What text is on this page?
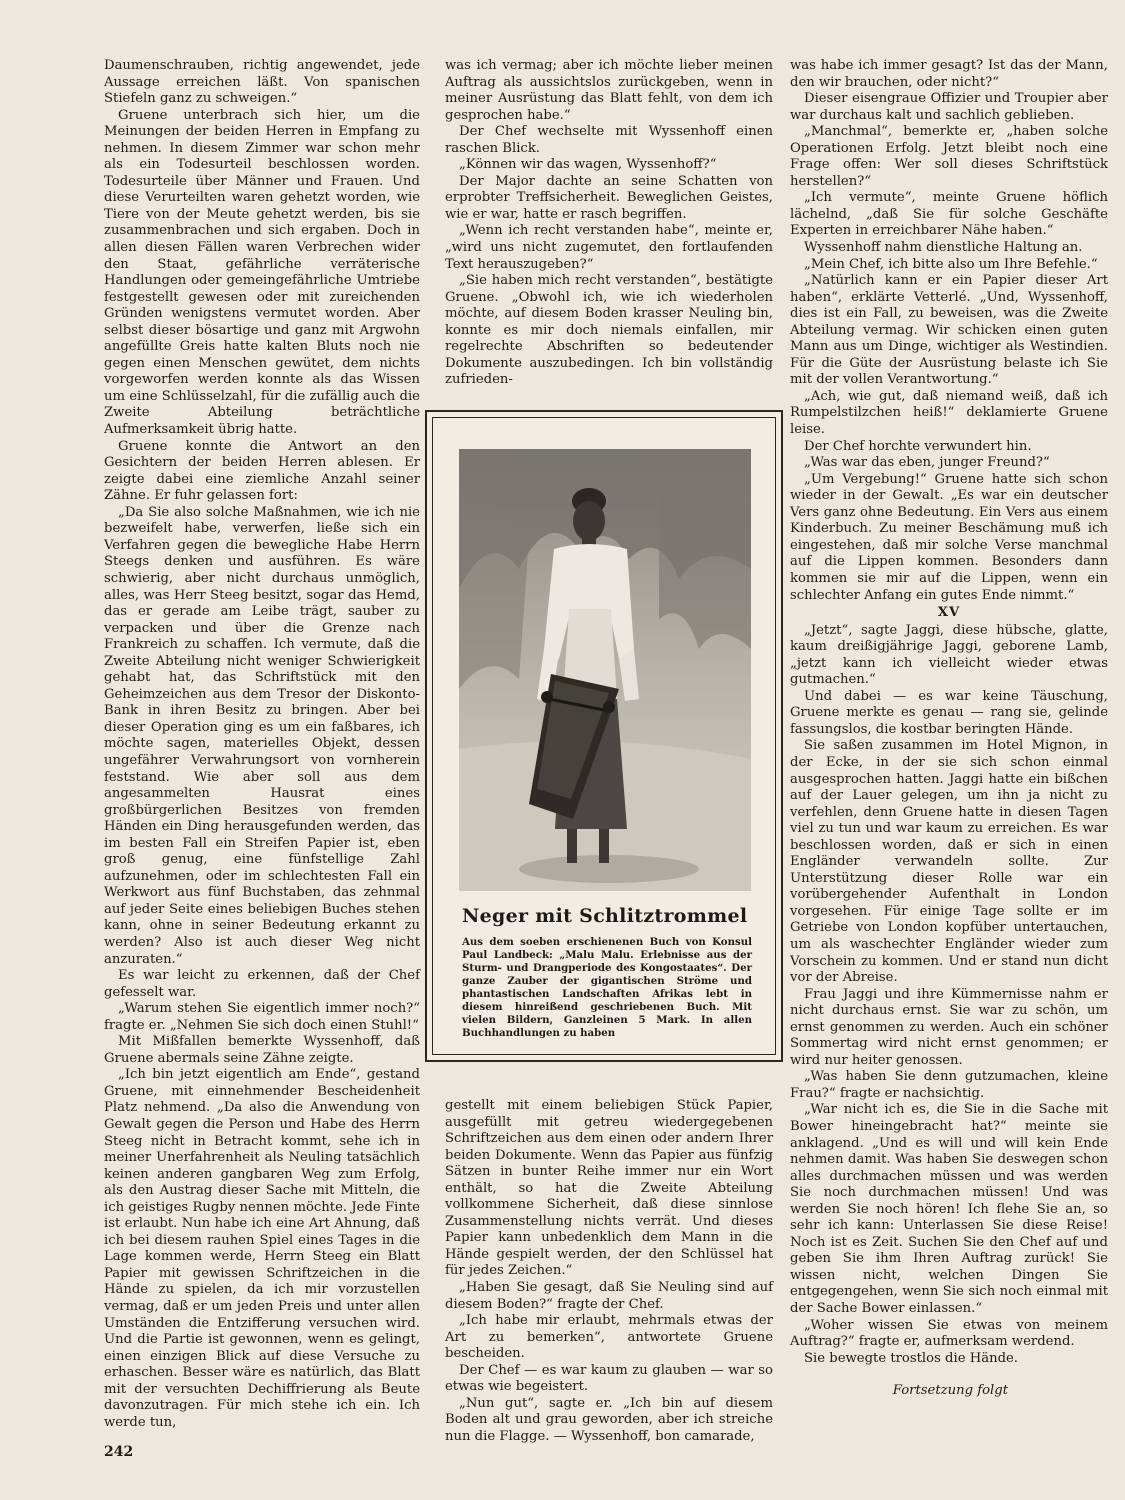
Daumenschrauben, richtig angewendet, jede Aussage erreichen läßt. Von spanischen Stiefeln ganz zu schweigen.“

Gruene unterbrach sich hier, um die Meinungen der beiden Herren in Empfang zu nehmen. In diesem Zimmer war schon mehr als ein Todesurteil beschlossen worden. Todesurteile über Männer und Frauen. Und diese Verurteilten waren gehetzt worden, wie Tiere von der Meute gehetzt werden, bis sie zusammenbrachen und sich ergaben. Doch in allen diesen Fällen waren Verbrechen wider den Staat, gefährliche verräterische Handlungen oder gemeingefährliche Umtriebe festgestellt gewesen oder mit zureichenden Gründen wenigstens vermutet worden. Aber selbst dieser bösartige und ganz mit Argwohn angefüllte Greis hatte kalten Bluts noch nie gegen einen Menschen gewütet, dem nichts vorgeworfen werden konnte als das Wissen um eine Schlüsselzahl, für die zufällig auch die Zweite Abteilung beträchtliche Aufmerksamkeit übrig hatte.

Gruene konnte die Antwort an den Gesichtern der beiden Herren ablesen. Er zeigte dabei eine ziemliche Anzahl seiner Zähne. Er fuhr gelassen fort:

„Da Sie also solche Maßnahmen, wie ich nie bezweifelt habe, verwerfen, ließe sich ein Verfahren gegen die bewegliche Habe Herrn Steegs denken und ausführen. Es wäre schwierig, aber nicht durchaus unmöglich, alles, was Herr Steeg besitzt, sogar das Hemd, das er gerade am Leibe trägt, sauber zu verpacken und über die Grenze nach Frankreich zu schaffen. Ich vermute, daß die Zweite Abteilung nicht weniger Schwierigkeit gehabt hat, das Schriftstück mit den Geheimzeichen aus dem Tresor der Diskonto-Bank in ihren Besitz zu bringen. Aber bei dieser Operation ging es um ein faßbares, ich möchte sagen, materielles Objekt, dessen ungefährer Verwahrungsort von vornherein feststand. Wie aber soll aus dem angesammelten Hausrat eines großbürgerlichen Besitzes von fremden Händen ein Ding herausgefunden werden, das im besten Fall ein Streifen Papier ist, eben groß genug, eine fünfstellige Zahl aufzunehmen, oder im schlechtesten Fall ein Werkwort aus fünf Buchstaben, das zehnmal auf jeder Seite eines beliebigen Buches stehen kann, ohne in seiner Bedeutung erkannt zu werden? Also ist auch dieser Weg nicht anzuraten.“

Es war leicht zu erkennen, daß der Chef gefesselt war.

„Warum stehen Sie eigentlich immer noch?“ fragte er. „Nehmen Sie sich doch einen Stuhl!“

Mit Mißfallen bemerkte Wyssenhoff, daß Gruene abermals seine Zähne zeigte.

„Ich bin jetzt eigentlich am Ende“, gestand Gruene, mit einnehmender Bescheidenheit Platz nehmend. „Da also die Anwendung von Gewalt gegen die Person und Habe des Herrn Steeg nicht in Betracht kommt, sehe ich in meiner Unerfahrenheit als Neuling tatsächlich keinen anderen gangbaren Weg zum Erfolg, als den Austrag dieser Sache mit Mitteln, die ich geistiges Rugby nennen möchte. Jede Finte ist erlaubt. Nun habe ich eine Art Ahnung, daß ich bei diesem rauhen Spiel eines Tages in die Lage kommen werde, Herrn Steeg ein Blatt Papier mit gewissen Schriftzeichen in die Hände zu spielen, da ich mir vorzustellen vermag, daß er um jeden Preis und unter allen Umständen die Entzifferung versuchen wird. Und die Partie ist gewonnen, wenn es gelingt, einen einzigen Blick auf diese Versuche zu erhaschen. Besser wäre es natürlich, das Blatt mit der versuchten Dechiffrierung als Beute davonzutragen. Für mich stehe ich ein. Ich werde tun,

was ich vermag; aber ich möchte lieber meinen Auftrag als aussichtslos zurückgeben, wenn in meiner Ausrüstung das Blatt fehlt, von dem ich gesprochen habe.“

Der Chef wechselte mit Wyssenhoff einen raschen Blick.

„Können wir das wagen, Wyssenhoff?“

Der Major dachte an seine Schatten von erprobter Treffsicherheit. Beweglichen Geistes, wie er war, hatte er rasch begriffen.

„Wenn ich recht verstanden habe“, meinte er, „wird uns nicht zugemutet, den fortlaufenden Text herauszugeben?“

„Sie haben mich recht verstanden“, bestätigte Gruene. „Obwohl ich, wie ich wiederholen möchte, auf diesem Boden krasser Neuling bin, konnte es mir doch niemals einfallen, mir regelrechte Abschriften so bedeutender Dokumente auszubedingen. Ich bin vollständig zufrieden-

Neger mit Schlitztrommel
Aus dem soeben erschienenen Buch von Konsul Paul Landbeck: „Malu Malu. Erlebnisse aus der Sturm- und Drangperiode des Kongostaates“. Der ganze Zauber der gigantischen Ströme und phantastischen Landschaften Afrikas lebt in diesem hinreißend geschriebenen Buch. Mit vielen Bildern, Ganzleinen 5 Mark. In allen Buchhandlungen zu haben

gestellt mit einem beliebigen Stück Papier, ausgefüllt mit getreu wiedergegebenen Schriftzeichen aus dem einen oder andern Ihrer beiden Dokumente. Wenn das Papier aus fünfzig Sätzen in bunter Reihe immer nur ein Wort enthält, so hat die Zweite Abteilung vollkommene Sicherheit, daß diese sinnlose Zusammenstellung nichts verrät. Und dieses Papier kann unbedenklich dem Mann in die Hände gespielt werden, der den Schlüssel hat für jedes Zeichen.“

„Haben Sie gesagt, daß Sie Neuling sind auf diesem Boden?“ fragte der Chef.

„Ich habe mir erlaubt, mehrmals etwas der Art zu bemerken“, antwortete Gruene bescheiden.

Der Chef — es war kaum zu glauben — war so etwas wie begeistert.

„Nun gut“, sagte er. „Ich bin auf diesem Boden alt und grau geworden, aber ich streiche nun die Flagge. — Wyssenhoff, bon camarade,

was habe ich immer gesagt? Ist das der Mann, den wir brauchen, oder nicht?“

Dieser eisengraue Offizier und Troupier aber war durchaus kalt und sachlich geblieben.

„Manchmal“, bemerkte er, „haben solche Operationen Erfolg. Jetzt bleibt noch eine Frage offen: Wer soll dieses Schriftstück herstellen?“

„Ich vermute“, meinte Gruene höflich lächelnd, „daß Sie für solche Geschäfte Experten in erreichbarer Nähe haben.“

Wyssenhoff nahm dienstliche Haltung an.

„Mein Chef, ich bitte also um Ihre Befehle.“

„Natürlich kann er ein Papier dieser Art haben“, erklärte Vetterlé. „Und, Wyssenhoff, dies ist ein Fall, zu beweisen, was die Zweite Abteilung vermag. Wir schicken einen guten Mann aus um Dinge, wichtiger als Westindien. Für die Güte der Ausrüstung belaste ich Sie mit der vollen Verantwortung.“

„Ach, wie gut, daß niemand weiß, daß ich Rumpelstilzchen heiß!“ deklamierte Gruene leise.

Der Chef horchte verwundert hin.

„Was war das eben, junger Freund?“

„Um Vergebung!“ Gruene hatte sich schon wieder in der Gewalt. „Es war ein deutscher Vers ganz ohne Bedeutung. Ein Vers aus einem Kinderbuch. Zu meiner Beschämung muß ich eingestehen, daß mir solche Verse manchmal auf die Lippen kommen. Besonders dann kommen sie mir auf die Lippen, wenn ein schlechter Anfang ein gutes Ende nimmt.“

XV

„Jetzt“, sagte Jaggi, diese hübsche, glatte, kaum dreißigjährige Jaggi, geborene Lamb, „jetzt kann ich vielleicht wieder etwas gutmachen.“

Und dabei — es war keine Täuschung, Gruene merkte es genau — rang sie, gelinde fassungslos, die kostbar beringten Hände.

Sie saßen zusammen im Hotel Mignon, in der Ecke, in der sie sich schon einmal ausgesprochen hatten. Jaggi hatte ein bißchen auf der Lauer gelegen, um ihn ja nicht zu verfehlen, denn Gruene hatte in diesen Tagen viel zu tun und war kaum zu erreichen. Es war beschlossen worden, daß er sich in einen Engländer verwandeln sollte. Zur Unterstützung dieser Rolle war ein vorübergehender Aufenthalt in London vorgesehen. Für einige Tage sollte er im Getriebe von London kopfüber untertauchen, um als waschechter Engländer wieder zum Vorschein zu kommen. Und er stand nun dicht vor der Abreise.

Frau Jaggi und ihre Kümmernisse nahm er nicht durchaus ernst. Sie war zu schön, um ernst genommen zu werden. Auch ein schöner Sommertag wird nicht ernst genommen; er wird nur heiter genossen.

„Was haben Sie denn gutzumachen, kleine Frau?“ fragte er nachsichtig.

„War nicht ich es, die Sie in die Sache mit Bower hineingebracht hat?“ meinte sie anklagend. „Und es will und will kein Ende nehmen damit. Was haben Sie deswegen schon alles durchmachen müssen und was werden Sie noch durchmachen müssen! Und was werden Sie noch hören! Ich flehe Sie an, so sehr ich kann: Unterlassen Sie diese Reise! Noch ist es Zeit. Suchen Sie den Chef auf und geben Sie ihm Ihren Auftrag zurück! Sie wissen nicht, welchen Dingen Sie entgegengehen, wenn Sie sich noch einmal mit der Sache Bower einlassen.“

„Woher wissen Sie etwas von meinem Auftrag?“ fragte er, aufmerksam werdend.

Sie bewegte trostlos die Hände.

Fortsetzung folgt

242
